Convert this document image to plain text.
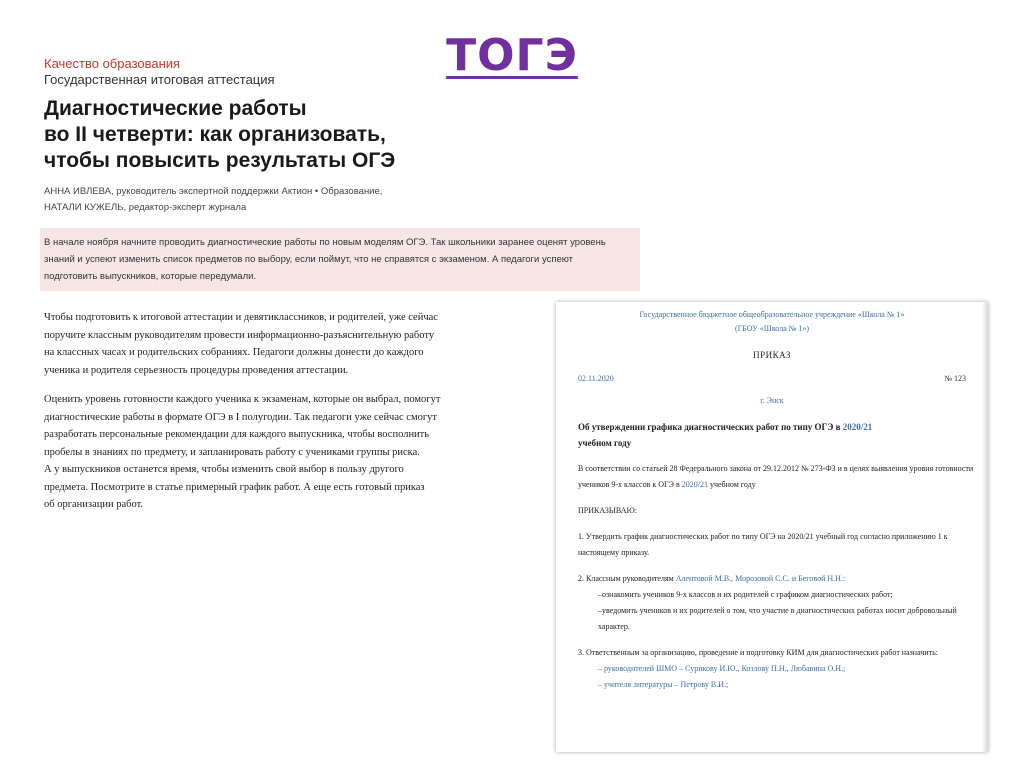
ТОГЭ

Качество образования

Государственная итоговая аттестация

Диагностические работы
во II четверти: как организовать,
чтобы повысить результаты ОГЭ

АННА ИВЛЕВА, руководитель экспертной поддержки Актион • Образование,

НАТАЛИ КУЖЕЛЬ, редактор-эксперт журнала

В начале ноября начните проводить диагностические работы по новым моделям ОГЭ. Так школьники заранее оценят уровень
знаний и успеют изменить список предметов по выбору, если поймут, что не справятся с экзаменом. А педагоги успеют
подготовить выпускников, которые передумали.
Чтобы подготовить к итоговой аттестации и девятиклассников, и родителей, уже сейчас
поручите классным руководителям провести информационно-разъяснительную работу
на классных часах и родительских собраниях. Педагоги должны донести до каждого
ученика и родителя серьезность процедуры проведения аттестации.
Оценить уровень готовности каждого ученика к экзаменам, которые он выбрал, помогут
диагностические работы в формате ОГЭ в I полугодии. Так педагоги уже сейчас смогут
разработать персональные рекомендации для каждого выпускника, чтобы восполнить
пробелы в знаниях по предмету, и запланировать работу с учениками группы риска.
А у выпускников останется время, чтобы изменить свой выбор в пользу другого
предмета. Посмотрите в статье примерный график работ. А еще есть готовый приказ
об организации работ.
Государственное бюджетное общеобразовательное учреждение «Школа № 1»
(ГБОУ «Школа № 1»)
ПРИКАЗ
02.11.2020	№ 123
г. Энск
Об утверждении графика диагностических работ по типу ОГЭ в 2020/21
учебном году
В соответствии со статьей 28 Федерального закона от 29.12.2012 № 273-ФЗ и в целях выявления уровня готовности учеников 9-х классов к ОГЭ в 2020/21 учебном году
ПРИКАЗЫВАЮ:
1. Утвердить график диагностических работ по типу ОГЭ на 2020/21 учебный год согласно приложению 1 к настоящему приказу.
2. Классным руководителям Алентовой М.В., Морозовой С.С. и Беговой Н.Н.:
–ознакомить учеников 9-х классов и их родителей с графиком диагностических работ;
–уведомить учеников и их родителей о том, что участие в диагностических работах носит добровольный характер.
3. Ответственным за организацию, проведение и подготовку КИМ для диагностических работ назначить:
– руководителей ШМО – Сурикову И.Ю., Козлову П.Н., Любавина О.Н.;
– учителя литературы – Петрову В.И.;
